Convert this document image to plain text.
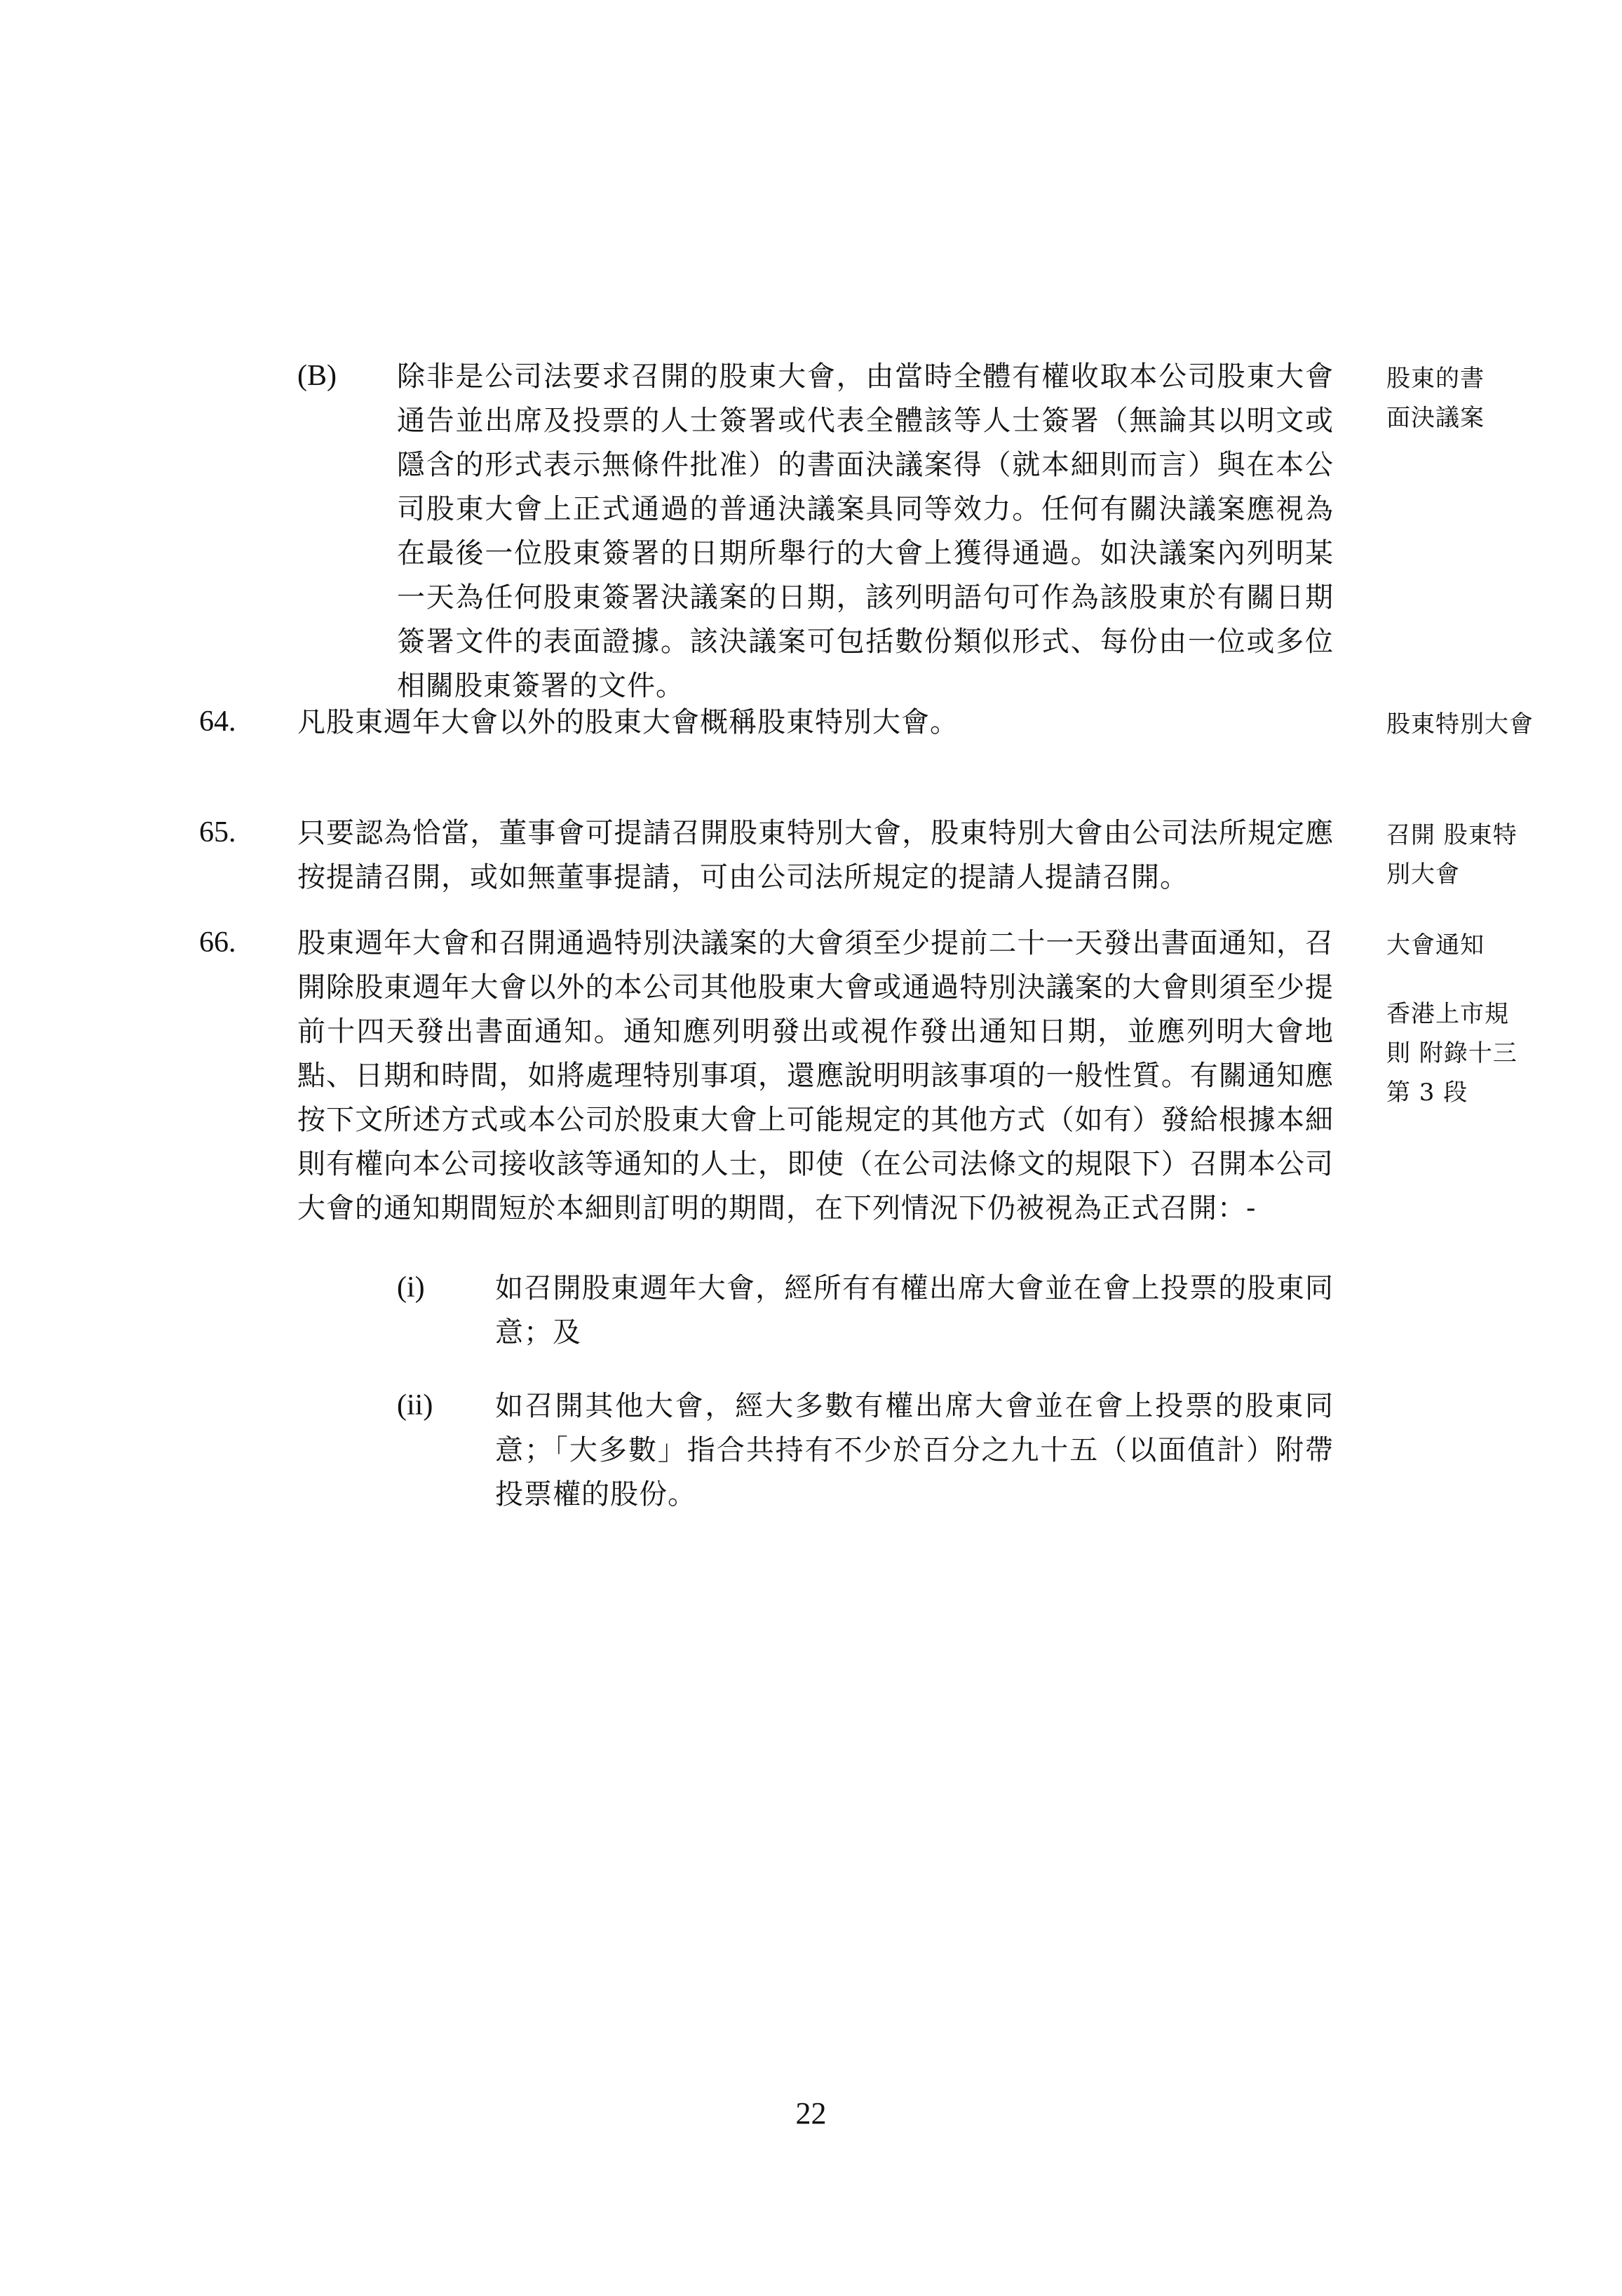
(B) 除非是公司法要求召開的股東大會，由當時全體有權收取本公司股東大會通告並出席及投票的人士簽署或代表全體該等人士簽署（無論其以明文或隱含的形式表示無條件批准）的書面決議案得（就本細則而言）與在本公司股東大會上正式通過的普通決議案具同等效力。任何有關決議案應視為在最後一位股東簽署的日期所舉行的大會上獲得通過。如決議案內列明某一天為任何股東簽署決議案的日期，該列明語句可作為該股東於有關日期簽署文件的表面證據。該決議案可包括數份類似形式、每份由一位或多位相關股東簽署的文件。
股東的書面決議案
64. 凡股東週年大會以外的股東大會概稱股東特別大會。	股東特別大會
65. 只要認為恰當，董事會可提請召開股東特別大會，股東特別大會由公司法所規定應按提請召開，或如無董事提請，可由公司法所規定的提請人提請召開。
召開 股東特別大會
66. 股東週年大會和召開通過特別決議案的大會須至少提前二十一天發出書面通知，召開除股東週年大會以外的本公司其他股東大會或通過特別決議案的大會則須至少提前十四天發出書面通知。通知應列明發出或視作發出通知日期，並應列明大會地點、日期和時間，如將處理特別事項，還應說明明該事項的一般性質。有關通知應按下文所述方式或本公司於股東大會上可能規定的其他方式（如有）發給根據本細則有權向本公司接收該等通知的人士，即使（在公司法條文的規限下）召開本公司大會的通知期間短於本細則訂明的期間，在下列情況下仍被視為正式召開：-
大會通知
香港上市規則 附錄十三第 3 段
(i)	如召開股東週年大會，經所有有權出席大會並在會上投票的股東同意；及
(ii) 如召開其他大會，經大多數有權出席大會並在會上投票的股東同意；「大多數」指合共持有不少於百分之九十五（以面值計）附帶投票權的股份。
22
